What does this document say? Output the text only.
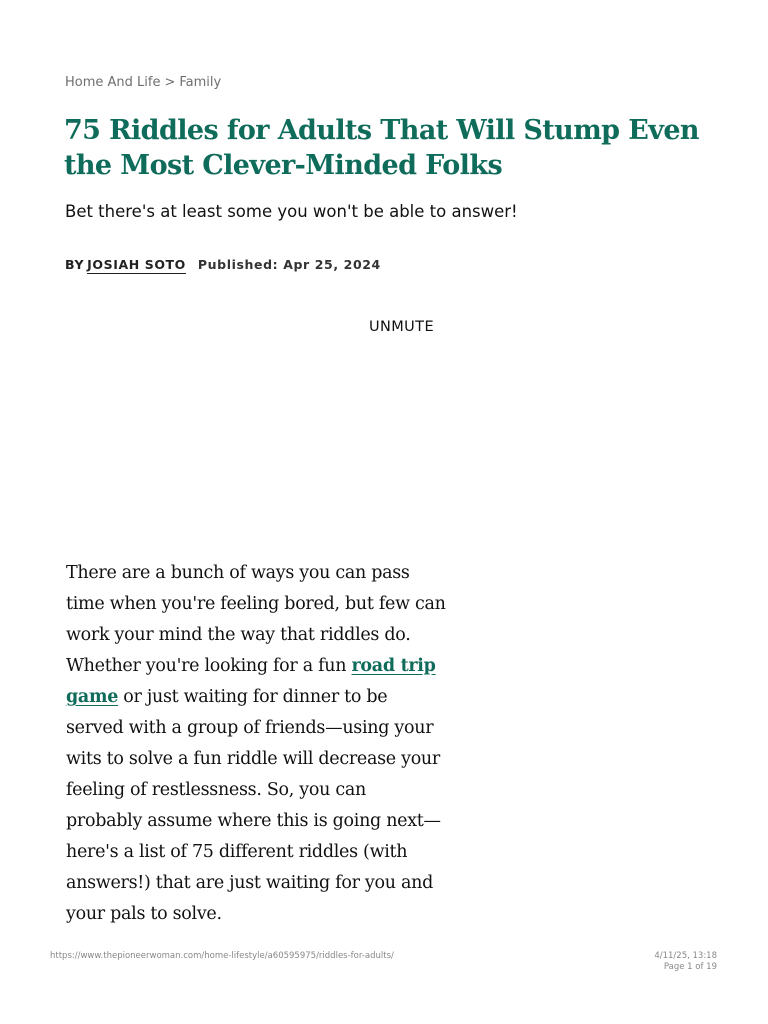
Home And Life > Family
75 Riddles for Adults That Will Stump Even the Most Clever-Minded Folks
Bet there's at least some you won't be able to answer!
BY JOSIAH SOTO Published: Apr 25, 2024
UNMUTE

There are a bunch of ways you can pass time when you're feeling bored, but few can work your mind the way that riddles do. Whether you're looking for a fun road trip game or just waiting for dinner to be served with a group of friends—using your wits to solve a fun riddle will decrease your feeling of restlessness. So, you can probably assume where this is going next—here's a list of 75 different riddles (with answers!) that are just waiting for you and your pals to solve.

https://www.thepioneerwoman.com/home-lifestyle/a60595975/riddles-for-adults/	4/11/25, 13:18
Page 1 of 19
